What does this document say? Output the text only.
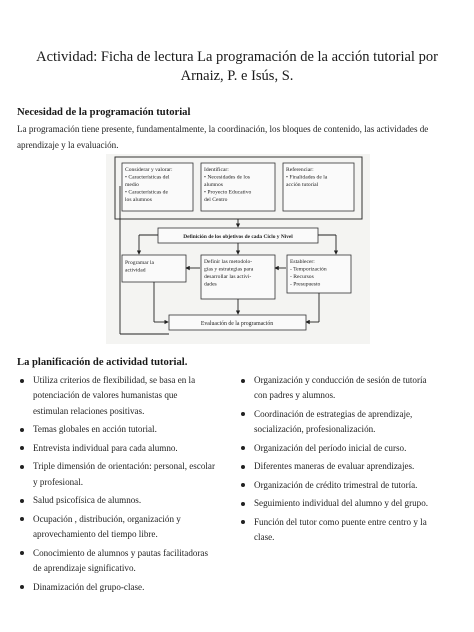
Actividad: Ficha de lectura La programación de la acción tutorial por Arnaiz, P. e Isús, S.
Necesidad de la programación tutorial

La programación tiene presente, fundamentalmente, la coordinación, los bloques de contenido, las actividades de aprendizaje y la evaluación.

Considerar y valorar:
• Características del
medio
• Características de
los alumnos
Identificar:
• Necesidades de los
alumnos
• Proyecto Educativo
del Centro
Referenciar:
• Finalidades de la
acción tutorial
Definición de los objetivos de cada Ciclo y Nivel
Programar la
actividad
Definir las metodolo-
gías y estrategias para
desarrollar las activi-
dades
Establecer:
- Temporización
- Recursos
- Presupuesto
Evaluación de la programación
La planificación de actividad tutorial.
Utiliza criterios de flexibilidad, se basa en la potenciación de valores humanistas que estimulan relaciones positivas.
Temas globales en acción tutorial.
Entrevista individual para cada alumno.
Triple dimensión de orientación: personal, escolar y profesional.
Salud psicofísica de alumnos.
Ocupación , distribución, organización y aprovechamiento del tiempo libre.
Conocimiento de alumnos y pautas facilitadoras de aprendizaje significativo.
Dinamización del grupo-clase.
Organización y conducción de sesión de tutoría con padres y alumnos.
Coordinación de estrategias de aprendizaje, socialización, profesionalización.
Organización del período inicial de curso.
Diferentes maneras de evaluar aprendizajes.
Organización de crédito trimestral de tutoría.
Seguimiento individual del alumno y del grupo.
Función del tutor como puente entre centro y la clase.
